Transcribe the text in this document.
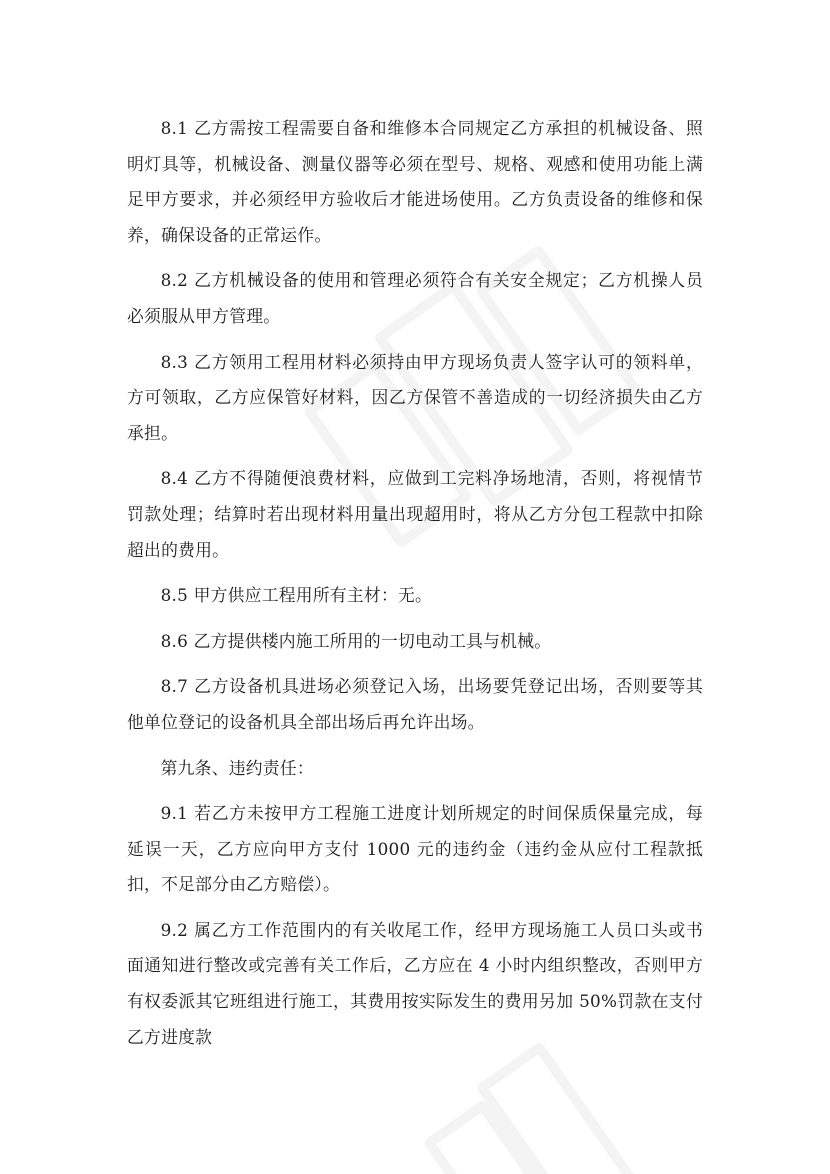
8.1 乙方需按工程需要自备和维修本合同规定乙方承担的机械设备、照明灯具等，机械设备、测量仪器等必须在型号、规格、观感和使用功能上满足甲方要求，并必须经甲方验收后才能进场使用。乙方负责设备的维修和保养，确保设备的正常运作。

8.2 乙方机械设备的使用和管理必须符合有关安全规定；乙方机操人员必须服从甲方管理。

8.3 乙方领用工程用材料必须持由甲方现场负责人签字认可的领料单，方可领取，乙方应保管好材料，因乙方保管不善造成的一切经济损失由乙方承担。

8.4 乙方不得随便浪费材料，应做到工完料净场地清，否则，将视情节罚款处理；结算时若出现材料用量出现超用时，将从乙方分包工程款中扣除超出的费用。

8.5 甲方供应工程用所有主材：无。

8.6 乙方提供楼内施工所用的一切电动工具与机械。

8.7 乙方设备机具进场必须登记入场，出场要凭登记出场，否则要等其他单位登记的设备机具全部出场后再允许出场。

第九条、违约责任：

9.1 若乙方未按甲方工程施工进度计划所规定的时间保质保量完成，每延误一天，乙方应向甲方支付 1000 元的违约金（违约金从应付工程款抵扣，不足部分由乙方赔偿）。

9.2 属乙方工作范围内的有关收尾工作，经甲方现场施工人员口头或书面通知进行整改或完善有关工作后，乙方应在 4 小时内组织整改，否则甲方有权委派其它班组进行施工，其费用按实际发生的费用另加 50%罚款在支付乙方进度款
